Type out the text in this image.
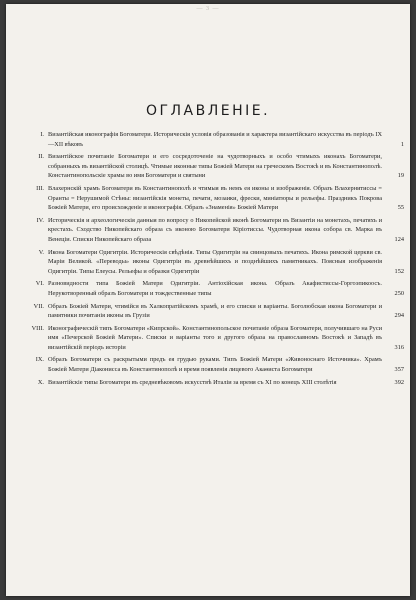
— 3 —
ОГЛАВЛЕНІЕ.
I. Византійская иконографія Богоматери. Историческія условія образованія и характера византійскаго искусства въ періодъ IX—XII вѣковъ	1
II. Византійское почитаніе Богоматери и его сосредоточеніе на чудотворныхъ и особо чтимыхъ иконахъ Богоматери, собранныхъ въ византійской столицѣ. Чтимые иконные типы Божіей Матери на греческомъ Востокѣ и въ Константинополѣ. Константинопольскіе храмы во имя Богоматери и святыни	19
III. Влахернскій храмъ Богоматери въ Константинополѣ и чтимыя въ немъ ея иконы и изображенія. Образъ Влахернитиссы = Оранты = Нерушимой Стѣны: византійскія монеты, печати, мозаики, фрески, миніатюры и рельефы. Праздникъ Покрова Божіей Матери, его происхожденіе и иконографія. Образъ «Знаменія» Божіей Матери	55
IV. Историческія и археологическія данныя по вопросу о Никопейской иконѣ Богоматери въ Византіи на монетахъ, печатяхъ и крестахъ. Сходство Никопейскаго образа съ иконою Богоматери Кіріотиссы. Чудотворная икона собора св. Марка въ Венеціи. Списки Никопейскаго образа	124
V. Икона Богоматери Одигитріи. Историческія свѣдѣнія. Типы Одигитріи на свинцовыхъ печатяхъ. Икона римской церкви св. Маріи Великой. «Переводы» иконы Одигитріи въ древнѣйшихъ и позднѣйшихъ памятникахъ. Поясныя изображенія Одигитріи. Типы Елеусы. Рельефы и образки Одигитріи	152
VI. Разновидности типа Божіей Матери Одигитріи. Антіохійская икона. Образъ Акафистиссы-Горгоэпикоосъ. Нерукотворенный образъ Богоматери и тождественные типы	250
VII. Образъ Божіей Матери, чтимійся въ Халкопратійскомъ храмѣ, и его списки и варіанты. Боголюбская икона Богоматери и памятники почитанія иконы въ Грузіи	294
VIII. Иконографическій типъ Богоматери «Кипрской». Константинопольское почитаніе образа Богоматери, получившаго на Руси имя «Печерской Божіей Матери». Списки и варіанты того и другого образа на православномъ Востокѣ и Западѣ въ византійскій періодъ исторіи	316
IX. Образъ Богоматери съ раскрытыми предъ ея грудью руками. Типъ Божіей Матери «Живоноснаго Источника». Храмъ Божіей Матери Діаконисса въ Константинополѣ и время появленія лицевого Акаѳиста Богоматери	357
X. Византійскіе типы Богоматери въ средневѣковомъ искусствѣ Италіи за время съ XI по конецъ XIII столѣтія	392
